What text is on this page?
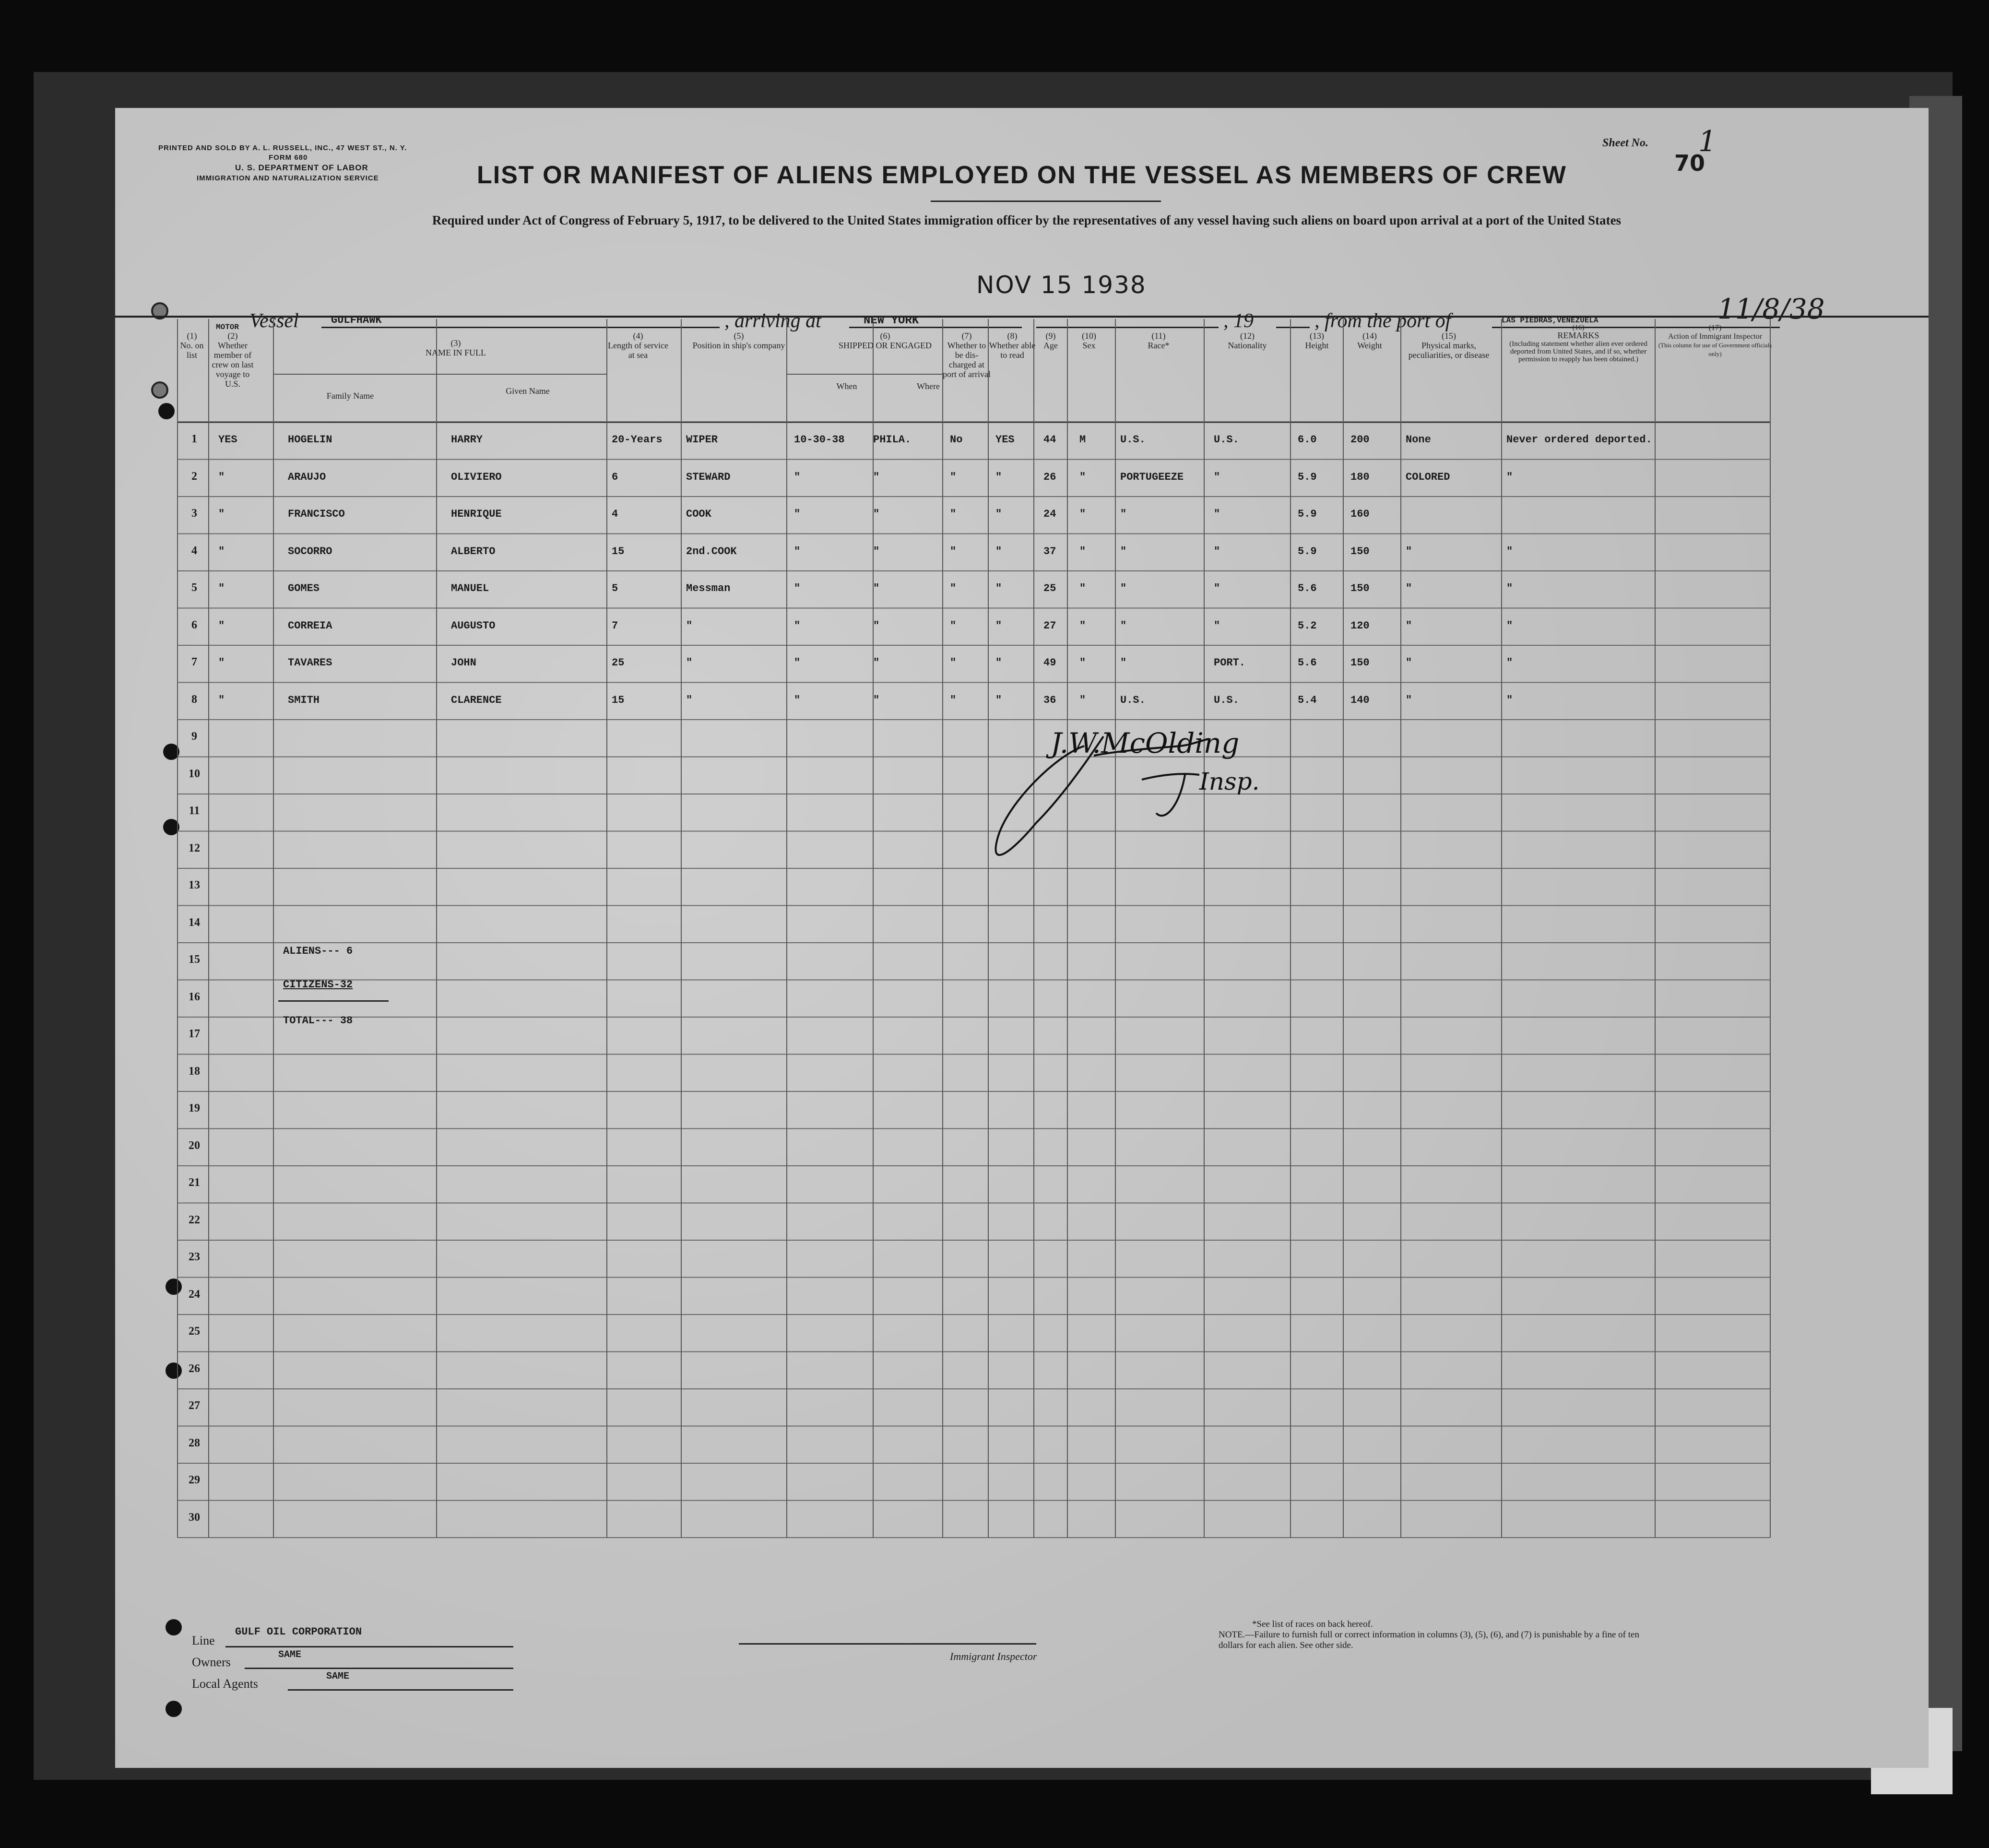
PRINTED AND SOLD BY A. L. RUSSELL, INC., 47 WEST ST., N. Y.
FORM 680
U. S. DEPARTMENT OF LABOR
IMMIGRATION AND NATURALIZATION SERVICE
Sheet No. 1
70
LIST OR MANIFEST OF ALIENS EMPLOYED ON THE VESSEL AS MEMBERS OF CREW
Required under Act of Congress of February 5, 1917, to be delivered to the United States immigration officer by the representatives of any vessel having such aliens on board upon arrival at a port of the United States
MOTOR Vessel	GULFHAWK	, arriving at	NEW YORK
NOV 15 1938
, 19	, from the port of	LAS PIEDRAS,VENEZUELA	11/8/38
(1)
No. on list
(2)
Whether member of crew on last voyage to U.S.
(3)
NAME IN FULL
Family Name	Given Name
(4)
Length of service at sea
(5)
Position in ship's company
(6)
SHIPPED OR ENGAGED
When	Where
(7)
Whether to be dis-charged at port of arrival
(8)
Whether able to read
(9)
Age
(10)
Sex
(11)
Race*
(12)
Nationality
(13)
Height
(14)
Weight
(15)
Physical marks, peculiarities, or disease
(16)
REMARKS
(Including statement whether alien ever ordered deported from United States, and if so, whether permission to reapply has been obtained.)
(17)
Action of Immigrant Inspector
(This column for use of Government officials only)
1
2
3
4
5
6
7
8
9
10
11
12
13
14
15
16
17
18
19
20
21
22
23
24
25
26
27
28
29
30
YES	HOGELIN	HARRY	20-Years WIPER	10-30-38	PHILA.	No	YES	44 M	U.S.	U.S.	6.0	200	None	Never ordered deported.
"	ARAUJO	OLIVIERO	6	STEWARD	"	"	"	"	26 "	PORTUGEEZE	"	5.9	180	COLORED	"
"	FRANCISCO	HENRIQUE	4	COOK	"	"	"	"	24 "	"	"	5.9	160
"	SOCORRO	ALBERTO	15	2nd.COOK	"	"	"	"	37 "	"	"	5.9	150	"	"
"	GOMES	MANUEL	5	Messman	"	"	"	"	25 "	"	"	5.6	150	"	"
"	CORREIA	AUGUSTO	7	"	"	"	"	"	27 "	"	"	5.2	120	"	"
"	TAVARES	JOHN	25	"	"	"	"	"	49 "	"	PORT.	5.6	150	"	"
"	SMITH	CLARENCE	15	"	"	"	"	"	36 "	U.S.	U.S.	5.4	140	"	"
ALIENS--- 6
CITIZENS-32
TOTAL--- 38
J.W.McOlding
Insp.
Line
GULF OIL CORPORATION
Owners
SAME
Local Agents
SAME
Immigrant Inspector
*See list of races on back hereof.
NOTE.—Failure to furnish full or correct information in columns (3), (5), (6), and (7) is punishable by a fine of ten dollars for each alien. See other side.
